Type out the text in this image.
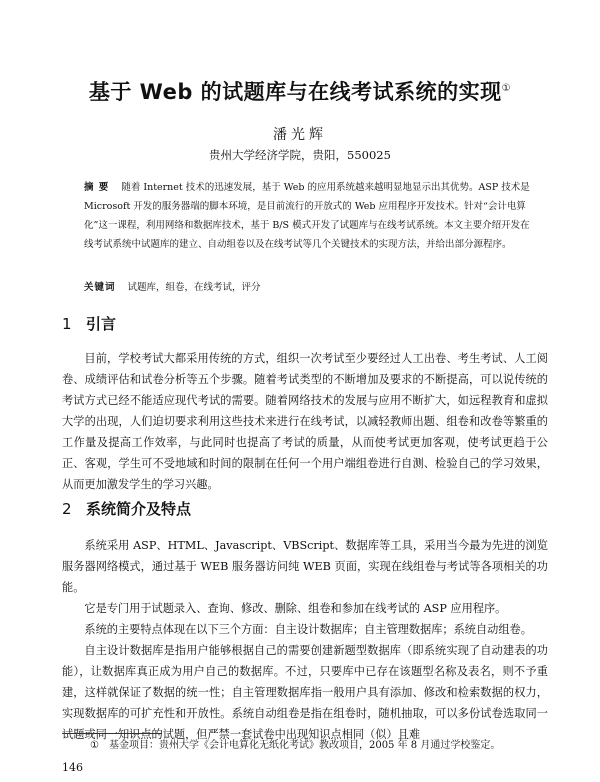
基于 Web 的试题库与在线考试系统的实现①
潘光辉
贵州大学经济学院，贵阳，550025

摘 要 随着 Internet 技术的迅速发展，基于 Web 的应用系统越来越明显地显示出其优势。ASP 技术是 Microsoft 开发的服务器端的脚本环境，是目前流行的开放式的 Web 应用程序开发技术。针对“会计电算化”这一课程，利用网络和数据库技术，基于 B/S 模式开发了试题库与在线考试系统。本文主要介绍开发在线考试系统中试题库的建立、自动组卷以及在线考试等几个关键技术的实现方法，并给出部分源程序。

关键词 试题库，组卷，在线考试，评分

1 引言

目前，学校考试大都采用传统的方式，组织一次考试至少要经过人工出卷、考生考试、人工阅卷、成绩评估和试卷分析等五个步骤。随着考试类型的不断增加及要求的不断提高，可以说传统的考试方式已经不能适应现代考试的需要。随着网络技术的发展与应用不断扩大，如远程教育和虚拟大学的出现，人们迫切要求利用这些技术来进行在线考试，以减轻教师出题、组卷和改卷等繁重的工作量及提高工作效率，与此同时也提高了考试的质量，从而使考试更加客观，使考试更趋于公正、客观，学生可不受地域和时间的限制在任何一个用户端组卷进行自测、检验自己的学习效果，从而更加激发学生的学习兴趣。

2 系统简介及特点

系统采用 ASP、HTML、Javascript、VBScript、数据库等工具，采用当今最为先进的浏览服务器网络模式，通过基于 WEB 服务器访问纯 WEB 页面，实现在线组卷与考试等各项相关的功能。

它是专门用于试题录入、查询、修改、删除、组卷和参加在线考试的 ASP 应用程序。

系统的主要特点体现在以下三个方面：自主设计数据库；自主管理数据库；系统自动组卷。

自主设计数据库是指用户能够根据自己的需要创建新题型数据库（即系统实现了自动建表的功能），让数据库真正成为用户自己的数据库。不过，只要库中已存在该题型名称及表名，则不予重建，这样就保证了数据的统一性；自主管理数据库指一般用户具有添加、修改和检索数据的权力，实现数据库的可扩充性和开放性。系统自动组卷是指在组卷时，随机抽取，可以多份试卷选取同一试题或同一知识点的试题，但严禁一套试卷中出现知识点相同（似）且难

① 基金项目：贵州大学《会计电算化无纸化考试》教改项目，2005 年 8 月通过学校鉴定。

146
